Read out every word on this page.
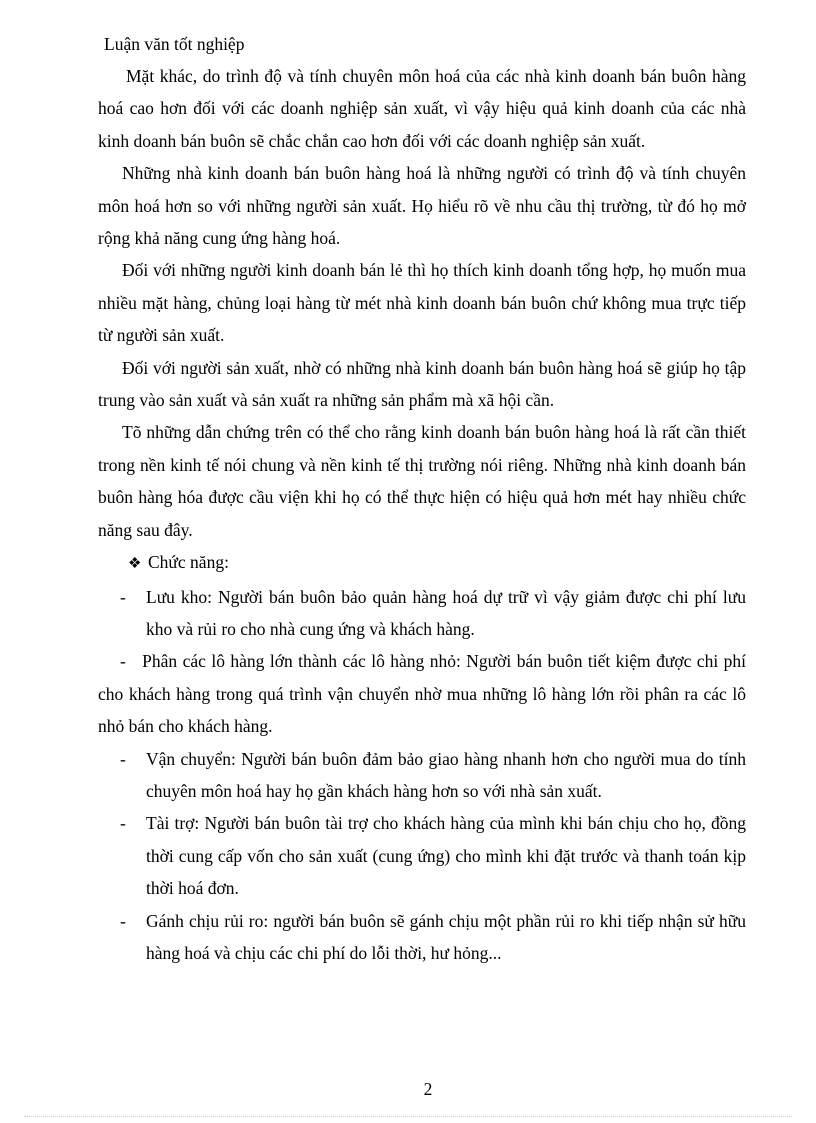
Luận văn tốt nghiệp

Mặt khác, do trình độ và tính chuyên môn hoá của các nhà kinh doanh bán buôn hàng hoá cao hơn đối với các doanh nghiệp sản xuất, vì vậy hiệu quả kinh doanh của các nhà kinh doanh bán buôn sẽ chắc chắn cao hơn đối với các doanh nghiệp sản xuất.

Những nhà kinh doanh bán buôn hàng hoá là những người có trình độ và tính chuyên môn hoá hơn so với những người sản xuất. Họ hiểu rõ về nhu cầu thị trường, từ đó họ mở rộng khả năng cung ứng hàng hoá.

Đối với những người kinh doanh bán lẻ thì họ thích kinh doanh tổng hợp, họ muốn mua nhiều mặt hàng, chủng loại hàng từ mét nhà kinh doanh bán buôn chứ không mua trực tiếp từ người sản xuất.

Đối với người sản xuất, nhờ có những nhà kinh doanh bán buôn hàng hoá sẽ giúp họ tập trung vào sản xuất và sản xuất ra những sản phẩm mà xã hội cần.

Tõ những dẫn chứng trên có thể cho rằng kinh doanh bán buôn hàng hoá là rất cần thiết trong nền kinh tế nói chung và nền kinh tế thị trường nói riêng. Những nhà kinh doanh bán buôn hàng hóa được cầu viện khi họ có thể thực hiện có hiệu quả hơn mét hay nhiều chức năng sau đây.

❖ Chức năng:
-	Lưu kho: Người bán buôn bảo quản hàng hoá dự trữ vì vậy giảm được chi phí lưu kho và rủi ro cho nhà cung ứng và khách hàng.
- Phân các lô hàng lớn thành các lô hàng nhỏ: Người bán buôn tiết kiệm được chi phí cho khách hàng trong quá trình vận chuyển nhờ mua những lô hàng lớn rồi phân ra các lô nhỏ bán cho khách hàng.
-	Vận chuyển: Người bán buôn đảm bảo giao hàng nhanh hơn cho người mua do tính chuyên môn hoá hay họ gần khách hàng hơn so với nhà sản xuất.
-	Tài trợ: Người bán buôn tài trợ cho khách hàng của mình khi bán chịu cho họ, đồng thời cung cấp vốn cho sản xuất (cung ứng) cho mình khi đặt trước và thanh toán kịp thời hoá đơn.
-	Gánh chịu rủi ro: người bán buôn sẽ gánh chịu một phần rủi ro khi tiếp nhận sử hữu hàng hoá và chịu các chi phí do lỗi thời, hư hỏng...
2
